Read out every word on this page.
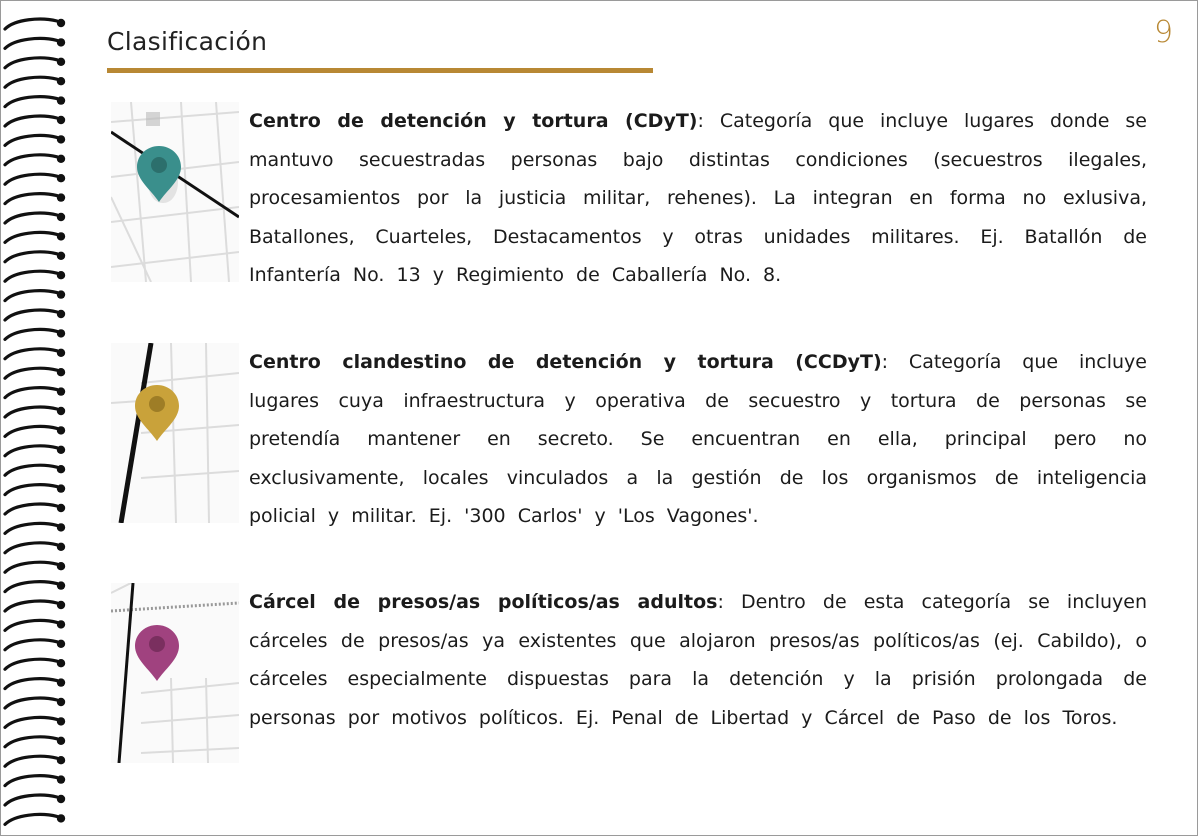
Clasificación	9
Centro de detención y tortura (CDyT): Categoría que incluye lugares donde se mantuvo secuestradas personas bajo distintas condiciones (secuestros ilegales, procesamientos por la justicia militar, rehenes). La integran en forma no exlusiva, Batallones, Cuarteles, Destacamentos y otras unidades militares. Ej. Batallón de Infantería No. 13 y Regimiento de Caballería No. 8.
Centro clandestino de detención y tortura (CCDyT): Categoría que incluye lugares cuya infraestructura y operativa de secuestro y tortura de personas se pretendía mantener en secreto. Se encuentran en ella, principal pero no exclusivamente, locales vinculados a la gestión de los organismos de inteligencia policial y militar. Ej. '300 Carlos' y 'Los Vagones'.
Cárcel de presos/as políticos/as adultos: Dentro de esta categoría se incluyen cárceles de presos/as ya existentes que alojaron presos/as políticos/as (ej. Cabildo), o cárceles especialmente dispuestas para la detención y la prisión prolongada de personas por motivos políticos. Ej. Penal de Libertad y Cárcel de Paso de los Toros.
